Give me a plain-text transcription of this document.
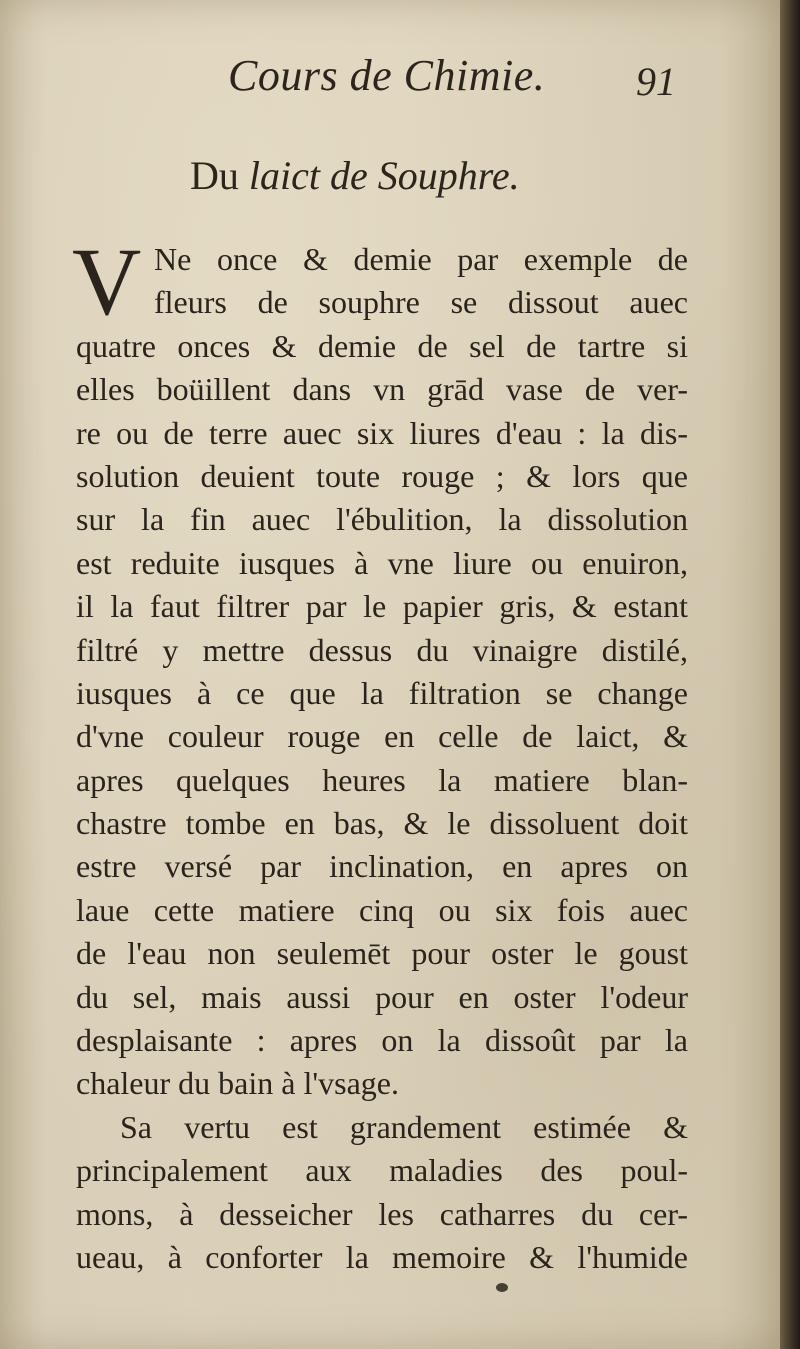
Cours de Chimie. 91
Du laict de Souphre.
V Ne once & demie par exemple de
fleurs de souphre se dissout auec
quatre onces & demie de sel de tartre si
elles boüillent dans vn grād vase de ver-
re ou de terre auec six liures d'eau : la dis-
solution deuient toute rouge ; & lors que
sur la fin auec l'ébulition, la dissolution
est reduite iusques à vne liure ou enuiron,
il la faut filtrer par le papier gris, & estant
filtré y mettre dessus du vinaigre distilé,
iusques à ce que la filtration se change
d'vne couleur rouge en celle de laict, &
apres quelques heures la matiere blan-
chastre tombe en bas, & le dissoluent doit
estre versé par inclination, en apres on
laue cette matiere cinq ou six fois auec
de l'eau non seulemēt pour oster le goust
du sel, mais aussi pour en oster l'odeur
desplaisante : apres on la dissoût par la
chaleur du bain à l'vsage.
Sa vertu est grandement estimée &
principalement aux maladies des poul-
mons, à desseicher les catharres du cer-
ueau, à conforter la memoire & l'humide
